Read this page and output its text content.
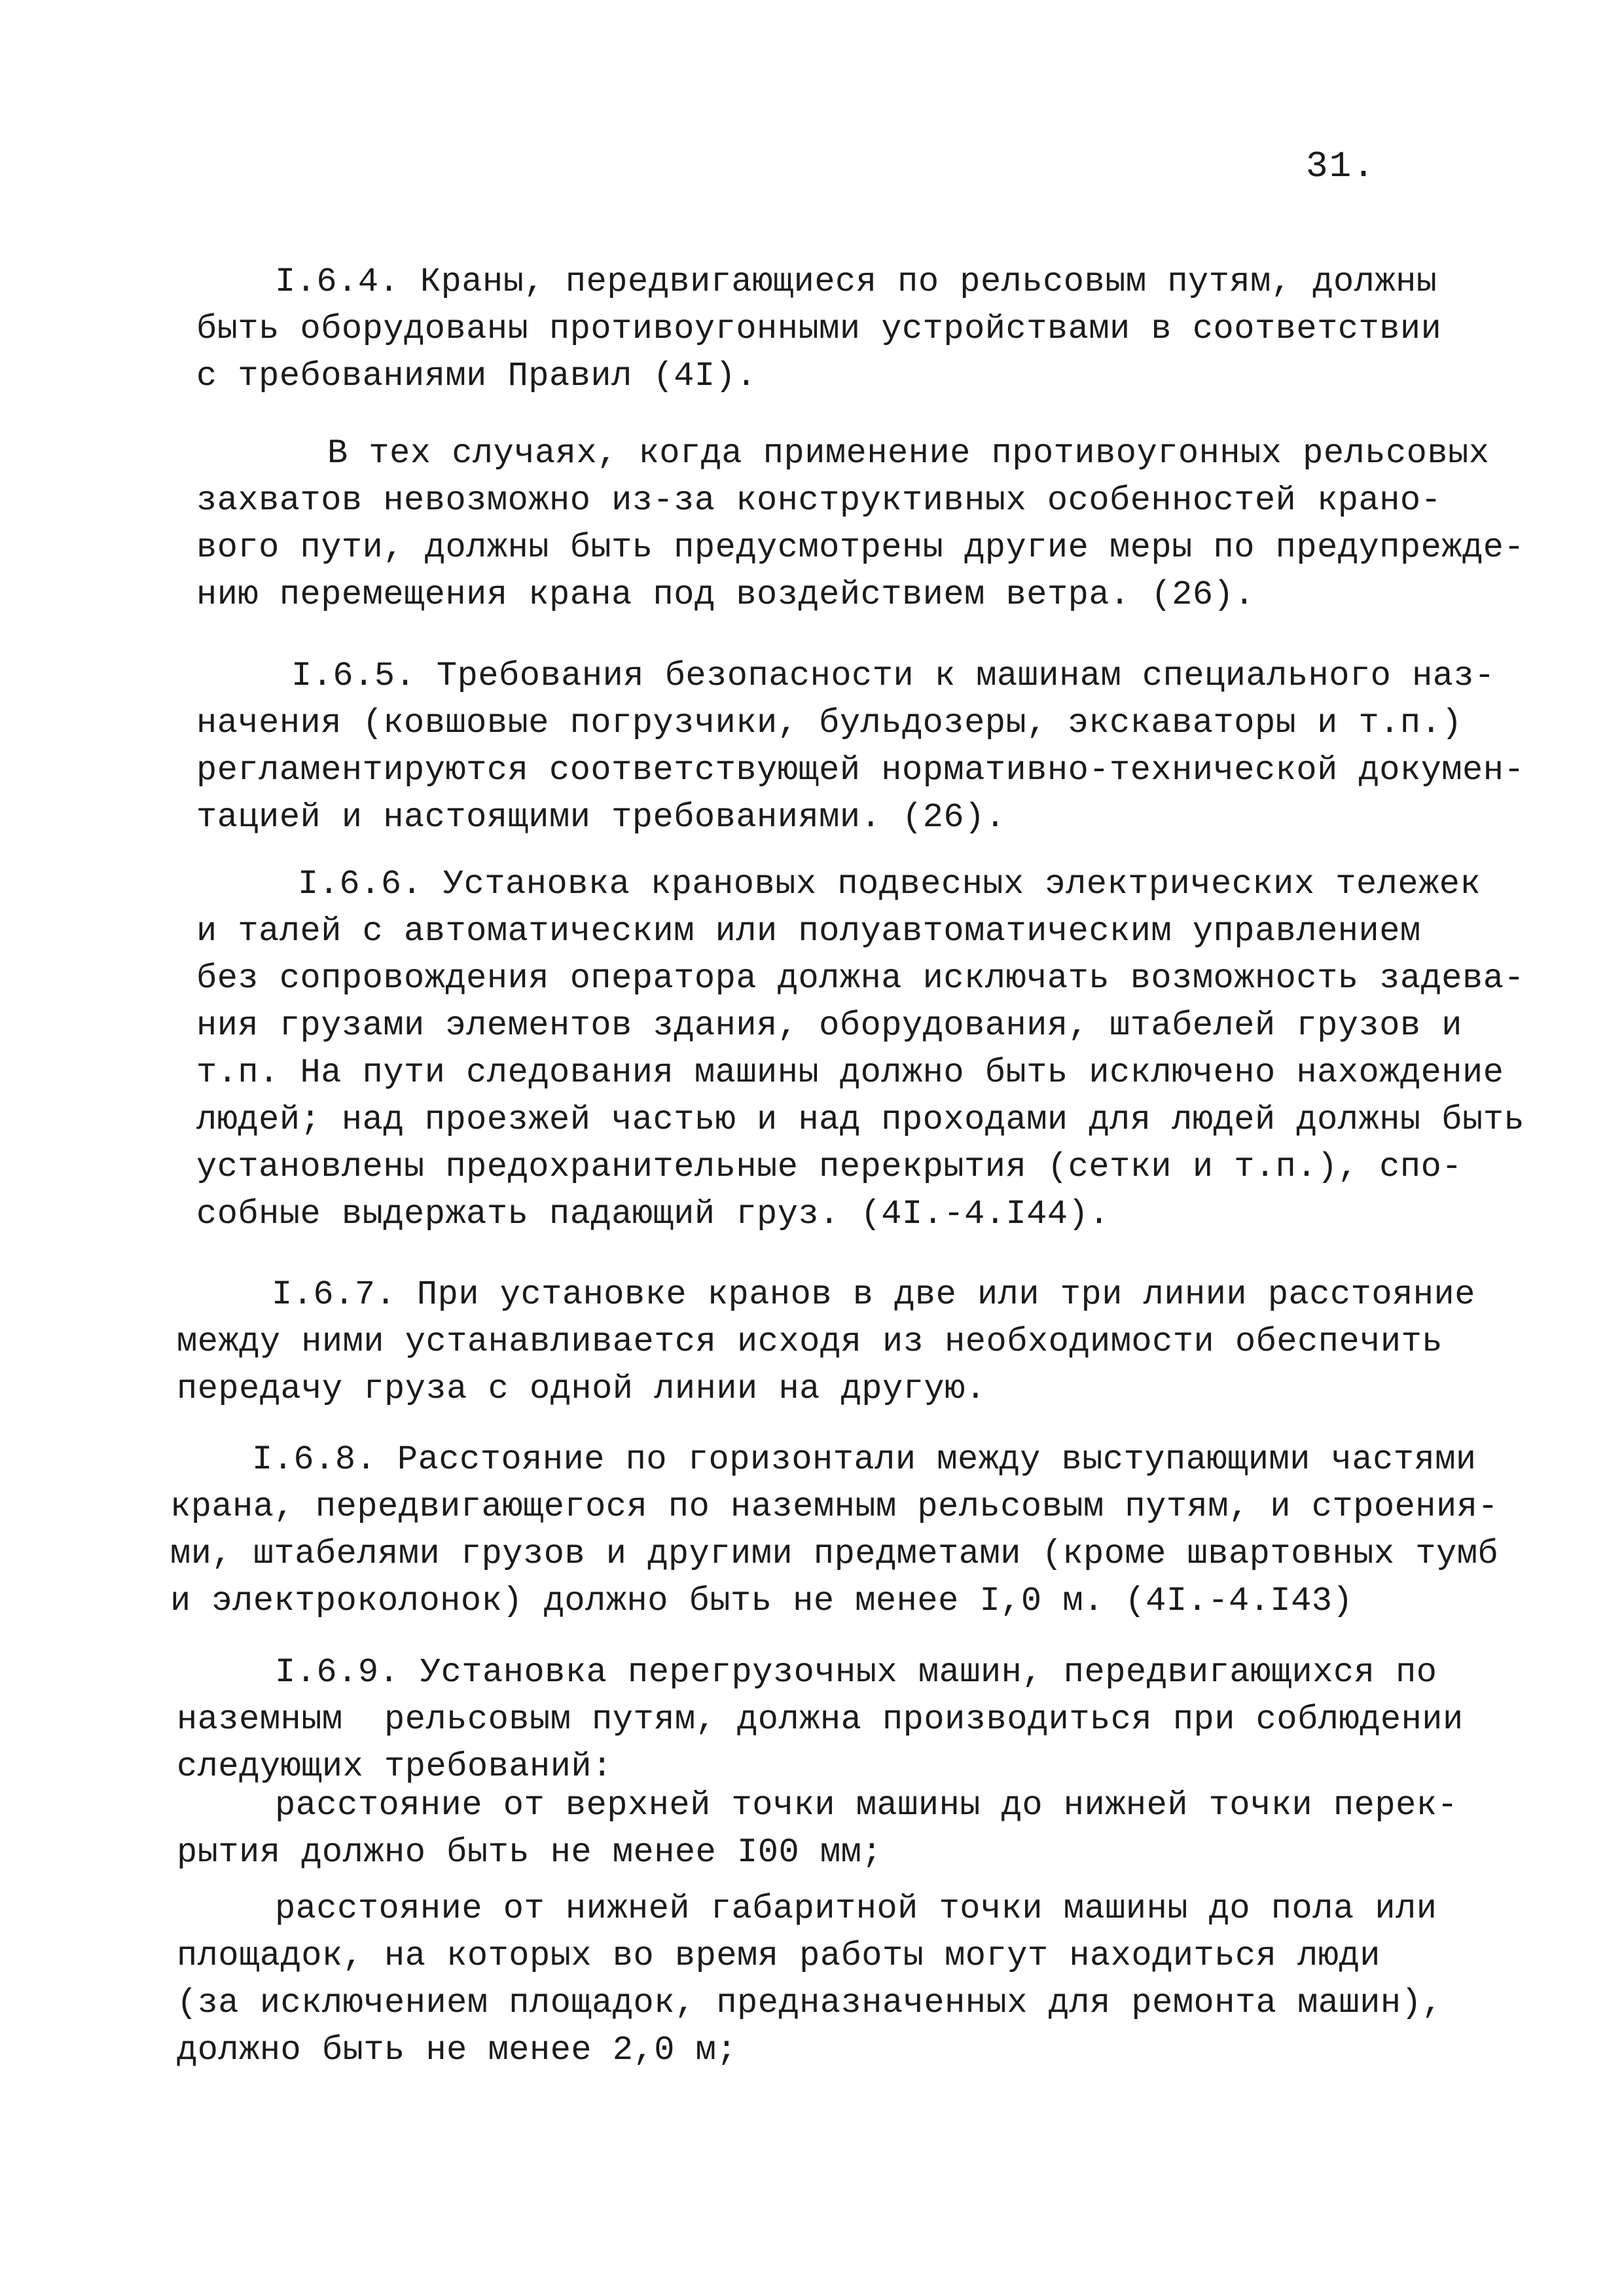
31.
I.6.4. Краны, передвигающиеся по рельсовым путям, должны
быть оборудованы противоугонными устройствами в соответствии
с требованиями Правил (4I).
В тех случаях, когда применение противоугонных рельсовых
захватов невозможно из-за конструктивных особенностей крано-
вого пути, должны быть предусмотрены другие меры по предупрежде-
нию перемещения крана под воздействием ветра. (26).
I.6.5. Требования безопасности к машинам специального наз-
начения (ковшовые погрузчики, бульдозеры, экскаваторы и т.п.)
регламентируются соответствующей нормативно-технической докумен-
тацией и настоящими требованиями. (26).
I.6.6. Установка крановых подвесных электрических тележек
и талей с автоматическим или полуавтоматическим управлением
без сопровождения оператора должна исключать возможность задева-
ния грузами элементов здания, оборудования, штабелей грузов и
т.п. На пути следования машины должно быть исключено нахождение
людей; над проезжей частью и над проходами для людей должны быть
установлены предохранительные перекрытия (сетки и т.п.), спо-
собные выдержать падающий груз. (4I.-4.I44).
I.6.7. При установке кранов в две или три линии расстояние
между ними устанавливается исходя из необходимости обеспечить
передачу груза с одной линии на другую.
I.6.8. Расстояние по горизонтали между выступающими частями
крана, передвигающегося по наземным рельсовым путям, и строения-
ми, штабелями грузов и другими предметами (кроме швартовных тумб
и электроколонок) должно быть не менее I,0 м. (4I.-4.I43)
I.6.9. Установка перегрузочных машин, передвигающихся по
наземным  рельсовым путям, должна производиться при соблюдении
следующих требований:
расстояние от верхней точки машины до нижней точки перек-
рытия должно быть не менее I00 мм;
расстояние от нижней габаритной точки машины до пола или
площадок, на которых во время работы могут находиться люди
(за исключением площадок, предназначенных для ремонта машин),
должно быть не менее 2,0 м;
